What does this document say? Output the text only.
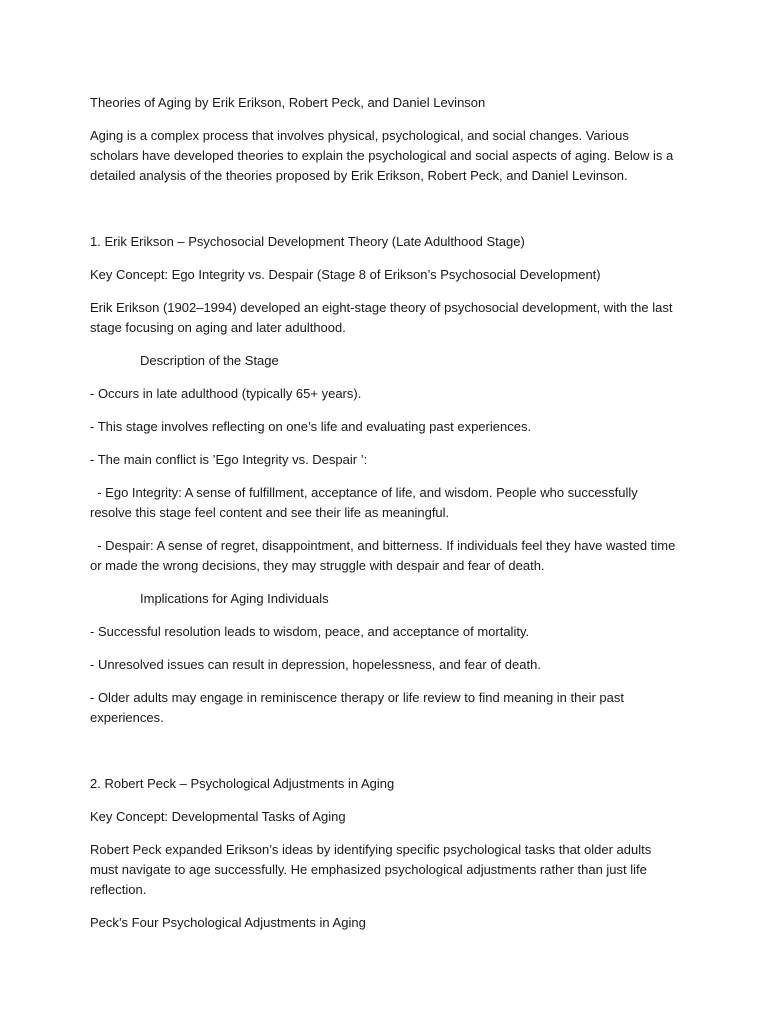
Theories of Aging by Erik Erikson, Robert Peck, and Daniel Levinson

Aging is a complex process that involves physical, psychological, and social changes. Various scholars have developed theories to explain the psychological and social aspects of aging. Below is a detailed analysis of the theories proposed by Erik Erikson, Robert Peck, and Daniel Levinson.

1. Erik Erikson – Psychosocial Development Theory (Late Adulthood Stage)

Key Concept: Ego Integrity vs. Despair (Stage 8 of Erikson’s Psychosocial Development)

Erik Erikson (1902–1994) developed an eight-stage theory of psychosocial development, with the last stage focusing on aging and later adulthood.

Description of the Stage

- Occurs in late adulthood (typically 65+ years).

- This stage involves reflecting on one’s life and evaluating past experiences.

- The main conflict is ’Ego Integrity vs. Despair ’:

- Ego Integrity: A sense of fulfillment, acceptance of life, and wisdom. People who successfully resolve this stage feel content and see their life as meaningful.

- Despair: A sense of regret, disappointment, and bitterness. If individuals feel they have wasted time or made the wrong decisions, they may struggle with despair and fear of death.

Implications for Aging Individuals

- Successful resolution leads to wisdom, peace, and acceptance of mortality.

- Unresolved issues can result in depression, hopelessness, and fear of death.

- Older adults may engage in reminiscence therapy or life review to find meaning in their past experiences.

2. Robert Peck – Psychological Adjustments in Aging

Key Concept: Developmental Tasks of Aging

Robert Peck expanded Erikson’s ideas by identifying specific psychological tasks that older adults must navigate to age successfully. He emphasized psychological adjustments rather than just life reflection.

Peck’s Four Psychological Adjustments in Aging
